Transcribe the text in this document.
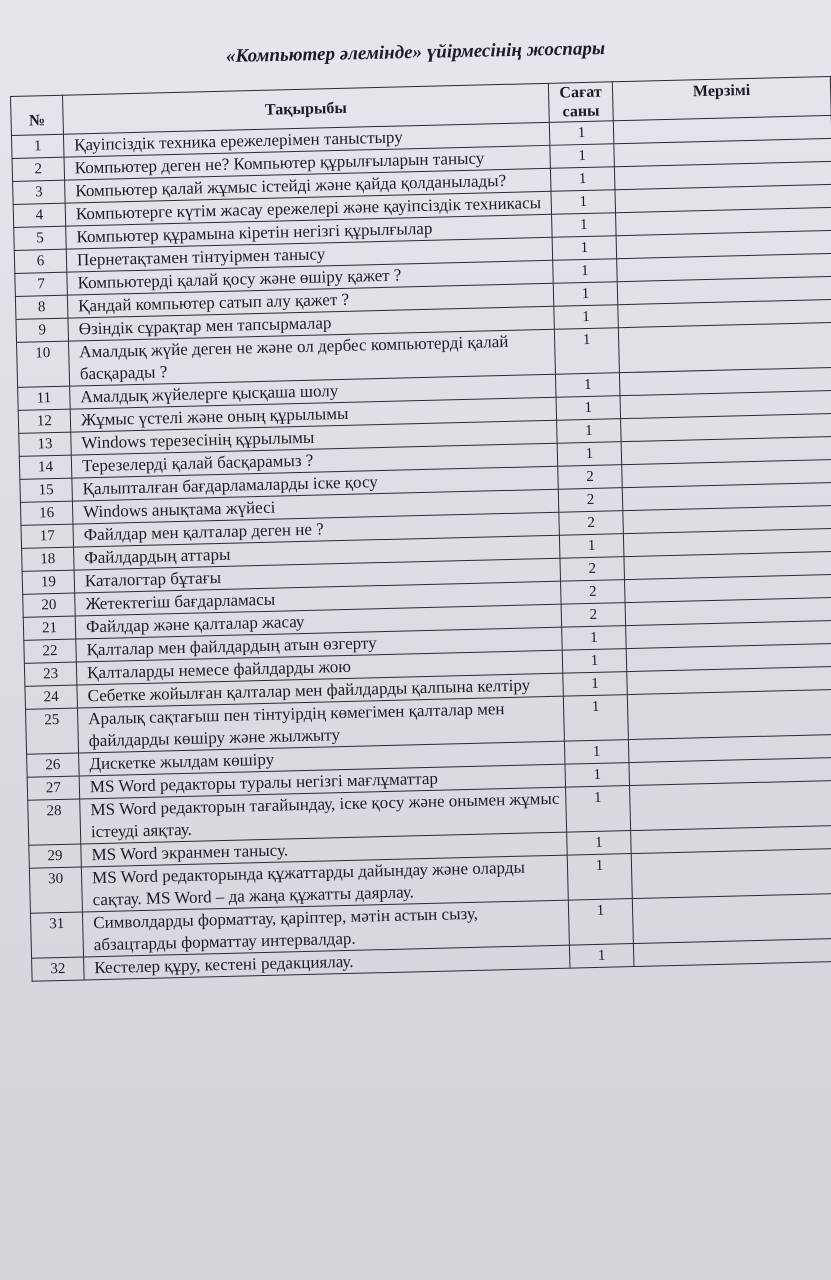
«Компьютер әлемінде» үйірмесінің жоспары
№	Тақырыбы	Сағат саны	Мерзімі
1	Қауіпсіздік техника ережелерімен таныстыру	1	
2	Компьютер деген не? Компьютер құрылғыларын танысу	1	
3	Компьютер қалай жұмыс істейді және қайда қолданылады?	1	
4	Компьютерге күтім жасау ережелері және қауіпсіздік техникасы	1	
5	Компьютер құрамына кіретін негізгі құрылғылар	1	
6	Пернетақтамен тінтуірмен танысу	1	
7	Компьютерді қалай қосу және өшіру қажет ?	1	
8	Қандай компьютер сатып алу қажет ?	1	
9	Өзіндік сұрақтар мен тапсырмалар	1	
10	Амалдық жүйе деген не және ол дербес компьютерді қалай басқарады ?	1	
11	Амалдық жүйелерге қысқаша шолу	1	
12	Жұмыс үстелі және оның құрылымы	1	
13	Windows терезесінің құрылымы	1	
14	Терезелерді қалай басқарамыз ?	1	
15	Қалыпталған бағдарламаларды іске қосу	2	
16	Windows анықтама жүйесі	2	
17	Файлдар мен қалталар деген не ?	2	
18	Файлдардың аттары	1	
19	Каталогтар бұтағы	2	
20	Жетектегіш бағдарламасы	2	
21	Файлдар және қалталар жасау	2	
22	Қалталар мен файлдардың атын өзгерту	1	
23	Қалталарды немесе файлдарды жою	1	
24	Себетке жойылған қалталар мен файлдарды қалпына келтіру	1	
25	Аралық сақтағыш пен тінтуірдің көмегімен қалталар мен файлдарды көшіру және жылжыту	1	
26	Дискетке жылдам көшіру	1	
27	MS Word редакторы туралы негізгі мағлұматтар	1	
28	MS Word редакторын тағайындау, іске қосу және онымен жұмыс істеуді аяқтау.	1	
29	MS Word экранмен танысу.	1	
30	MS Word редакторында құжаттарды дайындау және оларды сақтау. MS Word – да жаңа құжатты даярлау.	1	
31	Символдарды форматтау, қаріптер, мәтін астын сызу, абзацтарды форматтау интервалдар.	1	
32	Кестелер құру, кестені редакциялау.	1	
